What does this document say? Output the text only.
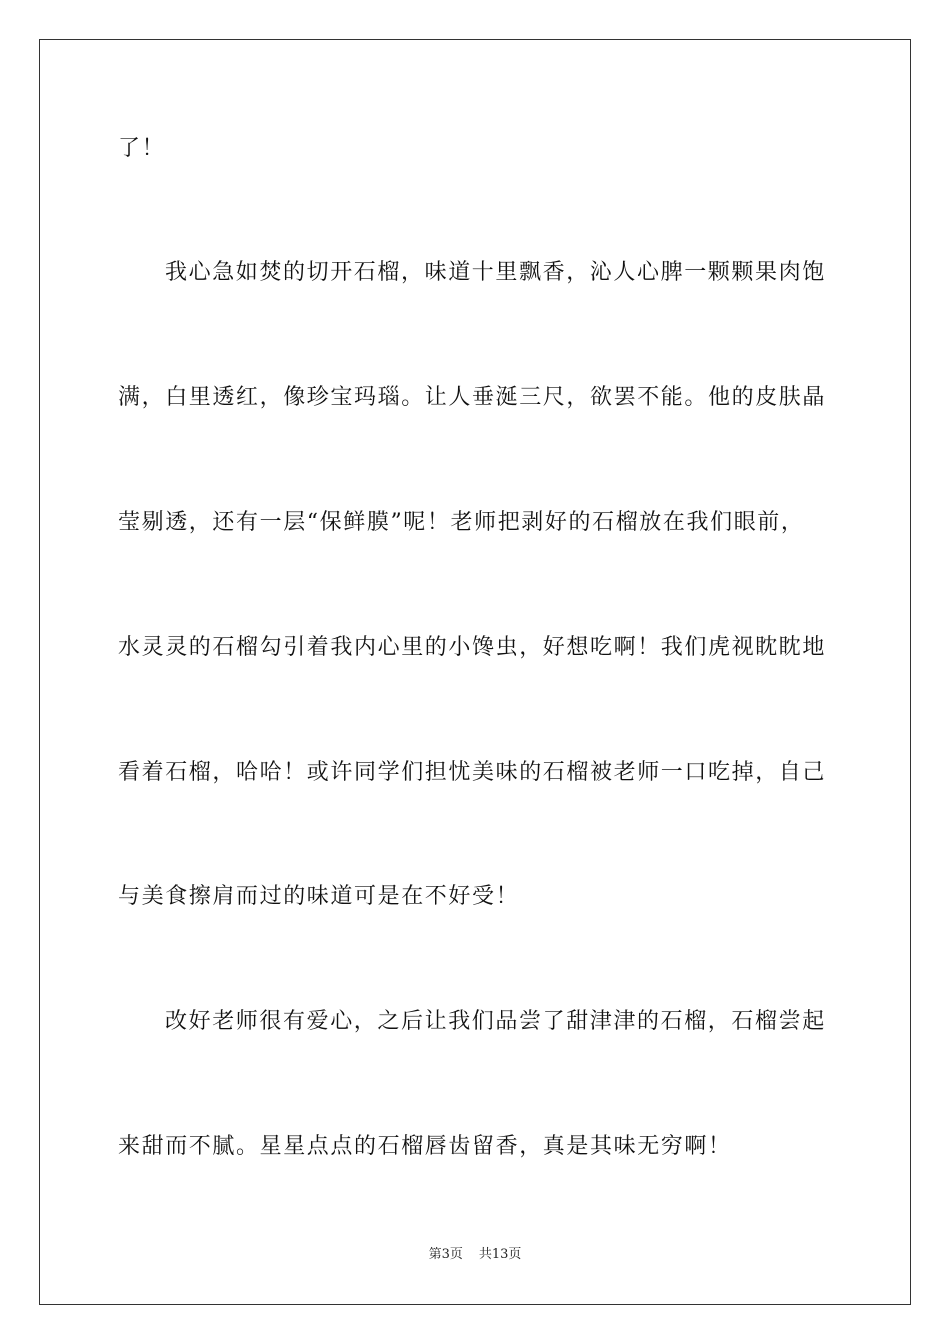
了！
我心急如焚的切开石榴，味道十里飘香，沁人心脾一颗颗果肉饱
满，白里透红，像珍宝玛瑙。让人垂涎三尺，欲罢不能。他的皮肤晶
莹剔透，还有一层“保鲜膜”呢！老师把剥好的石榴放在我们眼前，
水灵灵的石榴勾引着我内心里的小馋虫，好想吃啊！我们虎视眈眈地
看着石榴，哈哈！或许同学们担忧美味的石榴被老师一口吃掉，自己
与美食擦肩而过的味道可是在不好受！
改好老师很有爱心，之后让我们品尝了甜津津的石榴，石榴尝起
来甜而不腻。星星点点的石榴唇齿留香，真是其味无穷啊！
第3页 共13页
